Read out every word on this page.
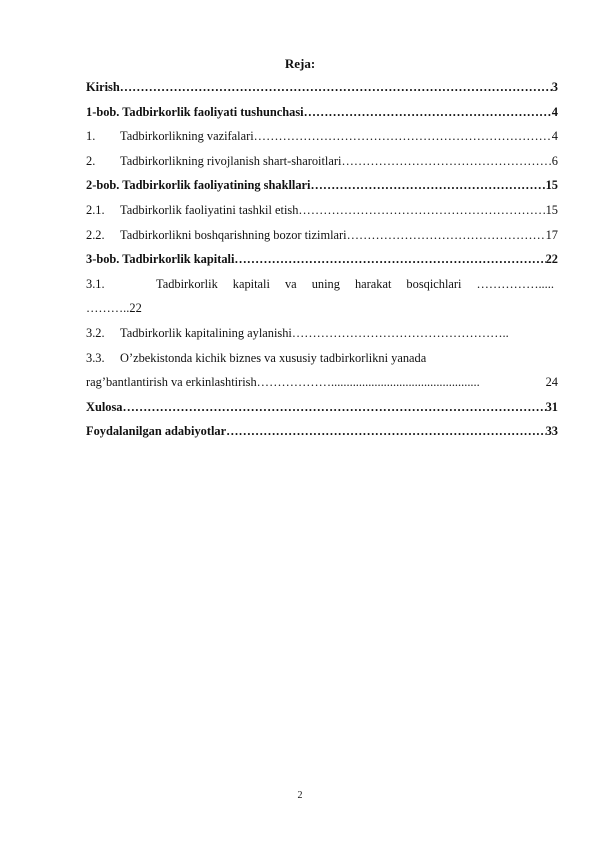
Reja:
Kirish ……………………………………………………………………………………………………………………………………	3
1-bob. Tadbirkorlik faoliyati tushunchasi ……………………………………………………………………………………………………………………………………	4
1.	Tadbirkorlikning vazifalari ……………………………………………………………………………………………………………………………………	4
2.	Tadbirkorlikning rivojlanish shart-sharoitlari ……………………………………………………………………………………………………………………………………	6
2-bob. Tadbirkorlik faoliyatining shakllari ……………………………………………………………………………………………………………………………………	15
2.1.	Tadbirkorlik faoliyatini tashkil etish ……………………………………………………………………………………………………………………………………	15
2.2.	Tadbirkorlikni boshqarishning bozor tizimlari ……………………………………………………………………………………………………………………………………	17
3-bob. Tadbirkorlik kapitali ……………………………………………………………………………………………………………………………………	22
3.1.	Tadbirkorlik kapitali va uning harakat bosqichlari …………….....
………..22
3.2.	Tadbirkorlik kapitalining aylanishi ……………………………………………..
3.3.	O’zbekistonda kichik biznes va xususiy tadbirkorlikni yanada
rag’bantlantirish va erkinlashtirish ………………................................................	24
Xulosa ……………………………………………………………………………………………………………………………………	31
Foydalanilgan adabiyotlar ……………………………………………………………………………………………………………………………………	33
2
